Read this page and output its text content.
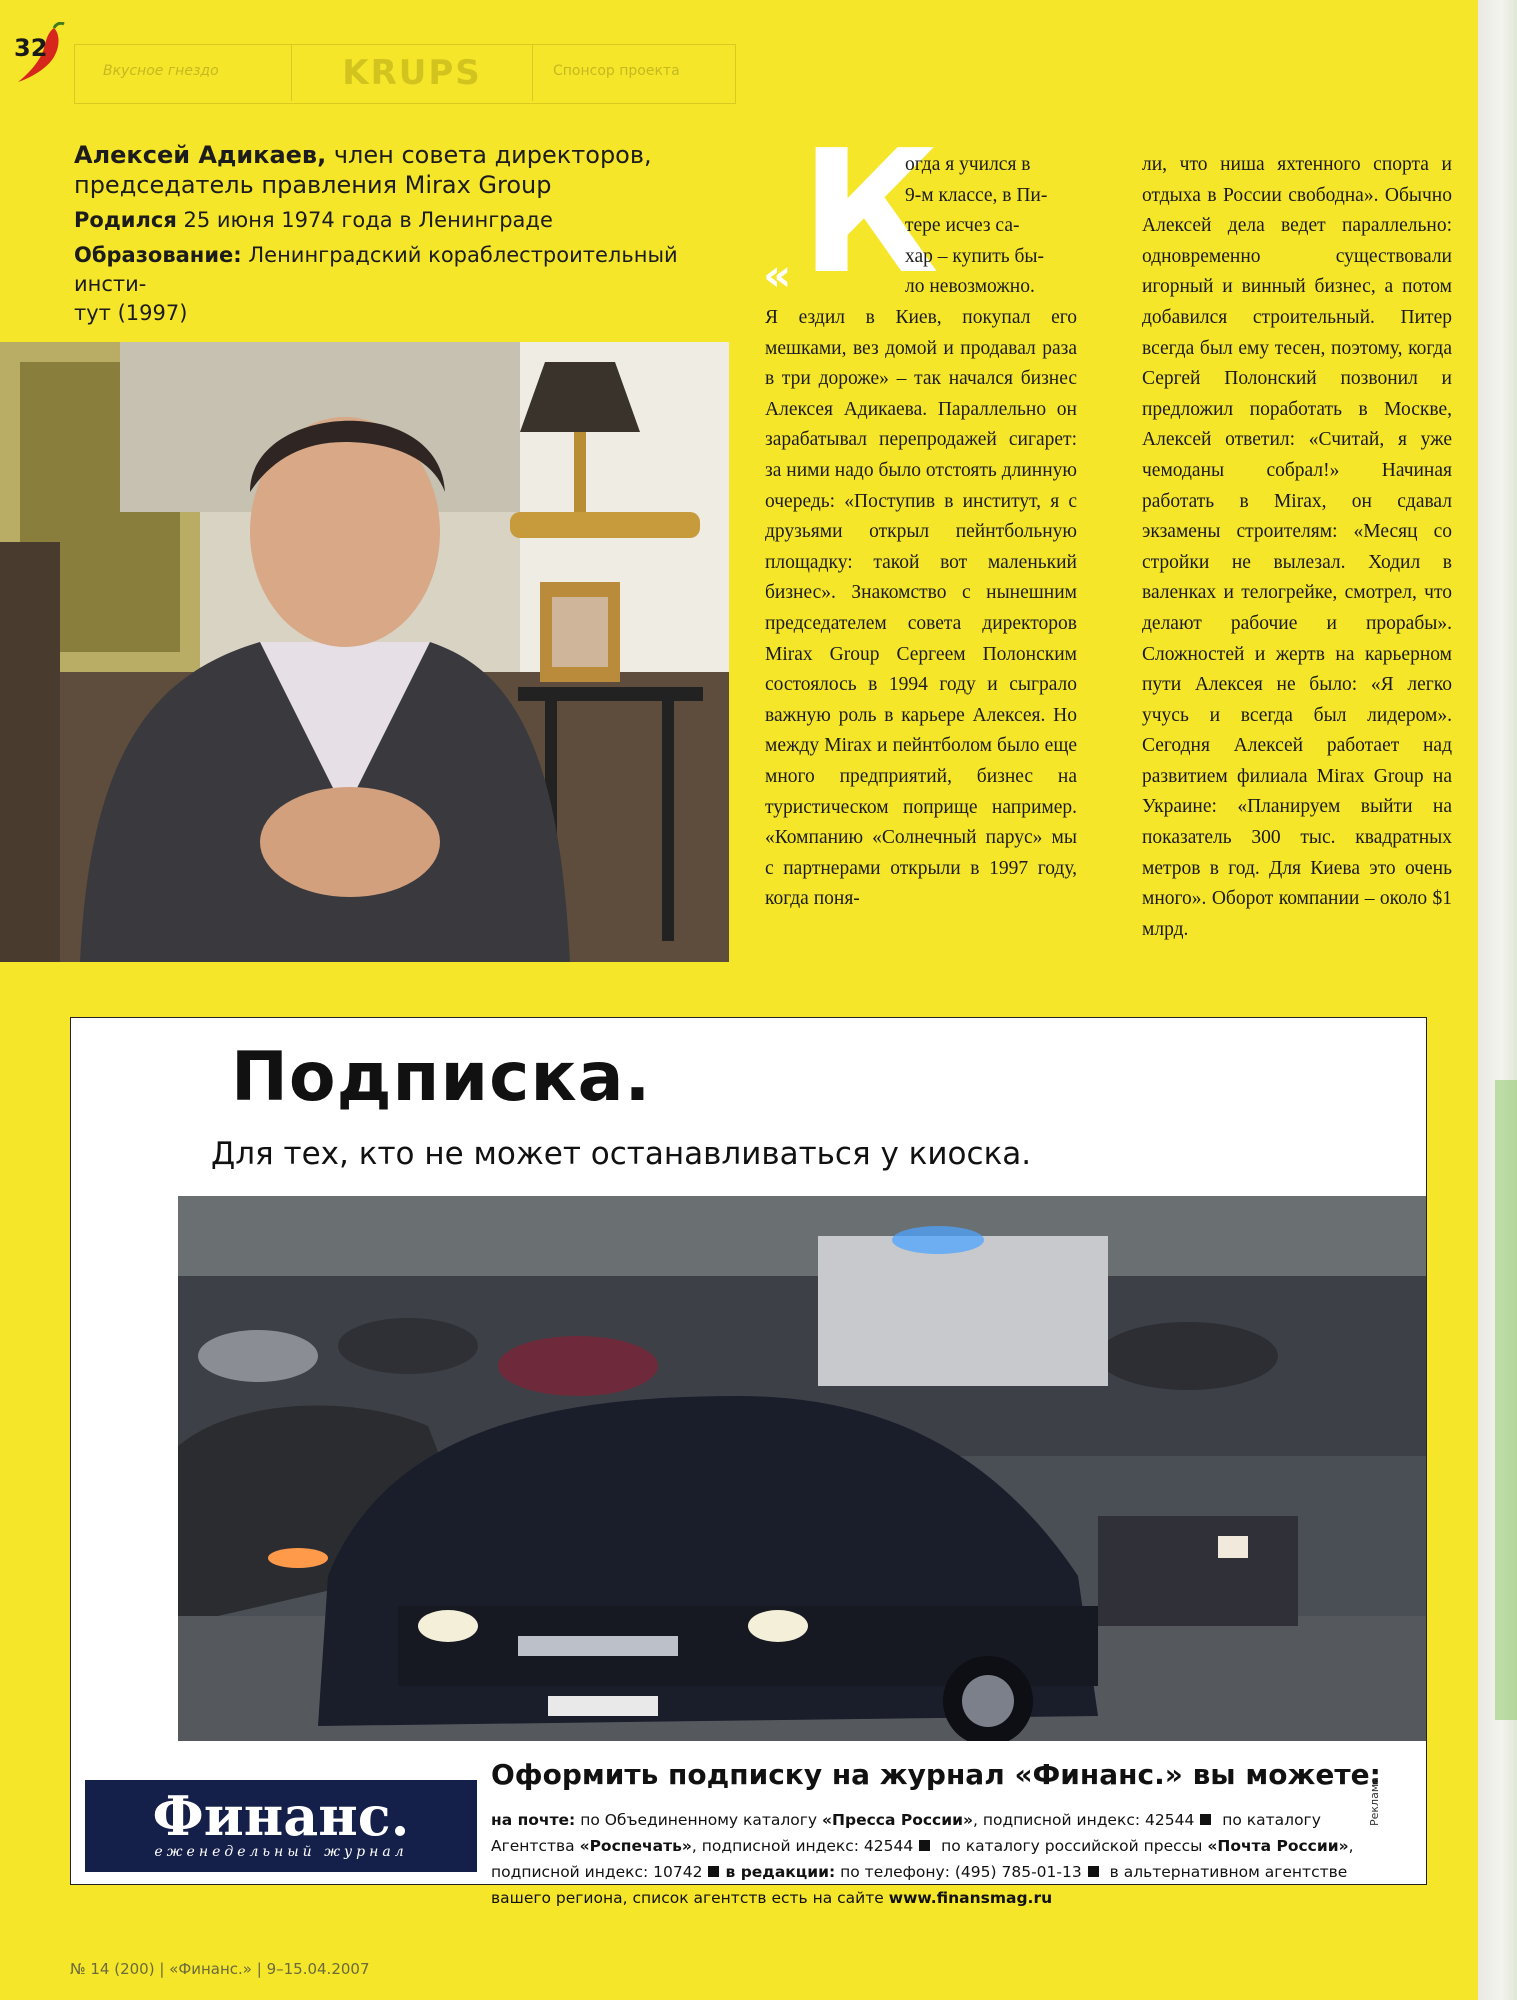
32
Вкусное гнездо	KRUPS	Спонсор проекта

Алексей Адикаев, член совета директоров,
председатель правления Mirax Group

Родился 25 июня 1974 года в Ленинграде

Образование: Ленинградский кораблестроительный инсти-
тут (1997)

« К
огда я учился в
9-м классе, в Пи-
тере исчез са-
хар – купить бы-
ло невозможно.
Я ездил в Киев, покупал его мешками, вез домой и продавал раза в три дороже» – так начался бизнес Алексея Адикаева. Параллельно он зарабатывал перепродажей сигарет: за ними надо было отстоять длинную очередь: «Поступив в институт, я с друзьями открыл пейнтбольную площадку: такой вот маленький бизнес». Знакомство с нынешним председателем совета директоров Mirax Group Сергеем Полонским состоялось в 1994 году и сыграло важную роль в карьере Алексея. Но между Mirax и пейнтболом было еще много предприятий, бизнес на туристическом поприще например. «Компанию «Солнечный парус» мы с партнерами открыли в 1997 году, когда поня-
ли, что ниша яхтенного спорта и отдыха в России свободна». Обычно Алексей дела ведет параллельно: одновременно существовали игорный и винный бизнес, а потом добавился строительный. Питер всегда был ему тесен, поэтому, когда Сергей Полонский позвонил и предложил поработать в Москве, Алексей ответил: «Считай, я уже чемоданы собрал!» Начиная работать в Mirax, он сдавал экзамены строителям: «Месяц со стройки не вылезал. Ходил в валенках и телогрейке, смотрел, что делают рабочие и прорабы». Сложностей и жертв на карьерном пути Алексея не было: «Я легко учусь и всегда был лидером». Сегодня Алексей работает над развитием филиала Mirax Group на Украине: «Планируем выйти на показатель 300 тыс. квадратных метров в год. Для Киева это очень много». Оборот компании – около $1 млрд.
Подписка.

Для тех, кто не может останавливаться у киоска.

Финанс.
еженедельный журнал

Оформить подписку на журнал «Финанс.» вы можете:

на почте: по Объединенному каталогу «Пресса России», подписной индекс: 42544 по каталогу
Агентства «Роспечать», подписной индекс: 42544 по каталогу российской прессы «Почта России»,
подписной индекс: 10742 в редакции: по телефону: (495) 785-01-13 в альтернативном агентстве
вашего региона, список агентств есть на сайте www.finansmag.ru
Реклама
№ 14 (200) | «Финанс.» | 9–15.04.2007
